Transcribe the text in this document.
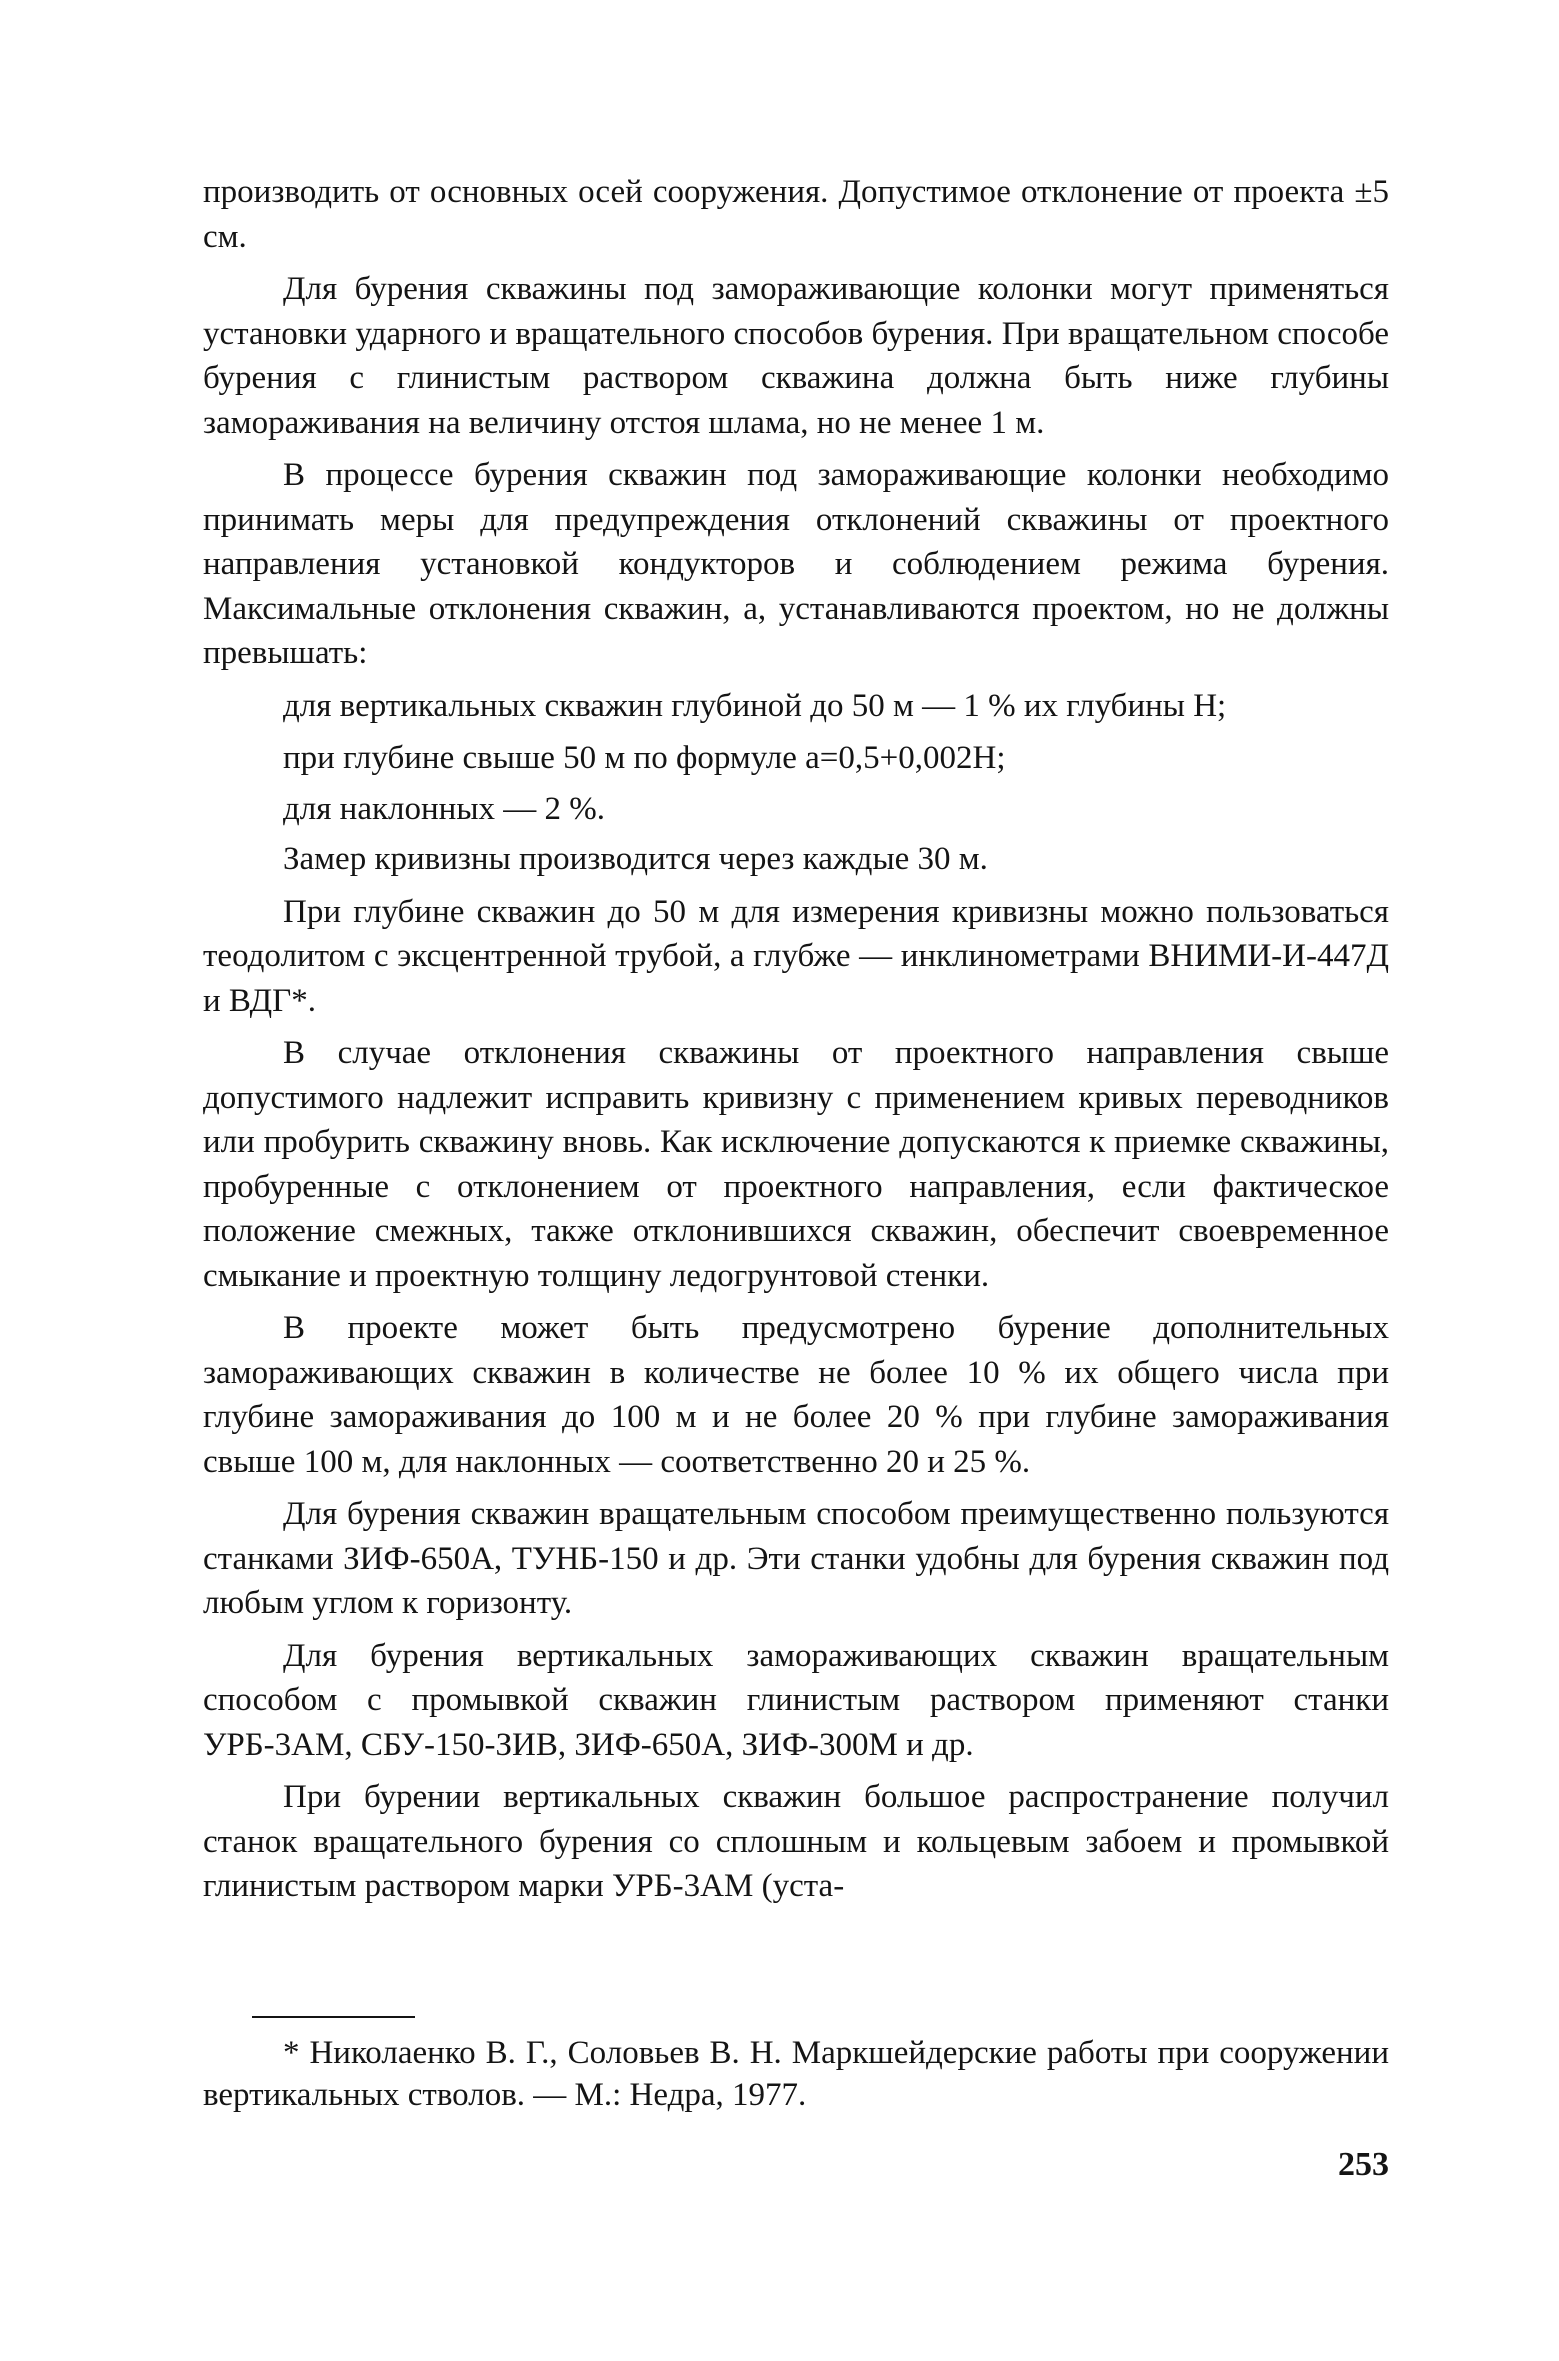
производить от основных осей сооружения. Допустимое отклонение от проекта ±5 см.

Для бурения скважины под замораживающие колонки могут применяться установки ударного и вращательного способов бурения. При вращательном способе бурения с глинистым раствором скважина должна быть ниже глубины замораживания на величину отстоя шлама, но не менее 1 м.

В процессе бурения скважин под замораживающие колонки необходимо принимать меры для предупреждения отклонений скважины от проектного направления установкой кондукторов и соблюдением режима бурения. Максимальные отклонения скважин, a, устанавливаются проектом, но не должны превышать:

для вертикальных скважин глубиной до 50 м — 1 % их глубины H;

при глубине свыше 50 м по формуле a=0,5+0,002H;

для наклонных — 2 %.

Замер кривизны производится через каждые 30 м.

При глубине скважин до 50 м для измерения кривизны можно пользоваться теодолитом с эксцентренной трубой, а глубже — инклинометрами ВНИМИ-И-447Д и ВДГ*.

В случае отклонения скважины от проектного направления свыше допустимого надлежит исправить кривизну с применением кривых переводников или пробурить скважину вновь. Как исключение допускаются к приемке скважины, пробуренные с отклонением от проектного направления, если фактическое положение смежных, также отклонившихся скважин, обеспечит своевременное смыкание и проектную толщину ледогрунтовой стенки.

В проекте может быть предусмотрено бурение дополнительных замораживающих скважин в количестве не более 10 % их общего числа при глубине замораживания до 100 м и не более 20 % при глубине замораживания свыше 100 м, для наклонных — соответственно 20 и 25 %.

Для бурения скважин вращательным способом преимущественно пользуются станками ЗИФ-650А, ТУНБ-150 и др. Эти станки удобны для бурения скважин под любым углом к горизонту.

Для бурения вертикальных замораживающих скважин вращательным способом с промывкой скважин глинистым раствором применяют станки УРБ-3АМ, СБУ-150-ЗИВ, ЗИФ-650А, ЗИФ-300М и др.

При бурении вертикальных скважин большое распространение получил станок вращательного бурения со сплошным и кольцевым забоем и промывкой глинистым раствором марки УРБ-3АМ (уста-

* Николаенко В. Г., Соловьев В. Н. Маркшейдерские работы при сооружении вертикальных стволов. — М.: Недра, 1977.
253
